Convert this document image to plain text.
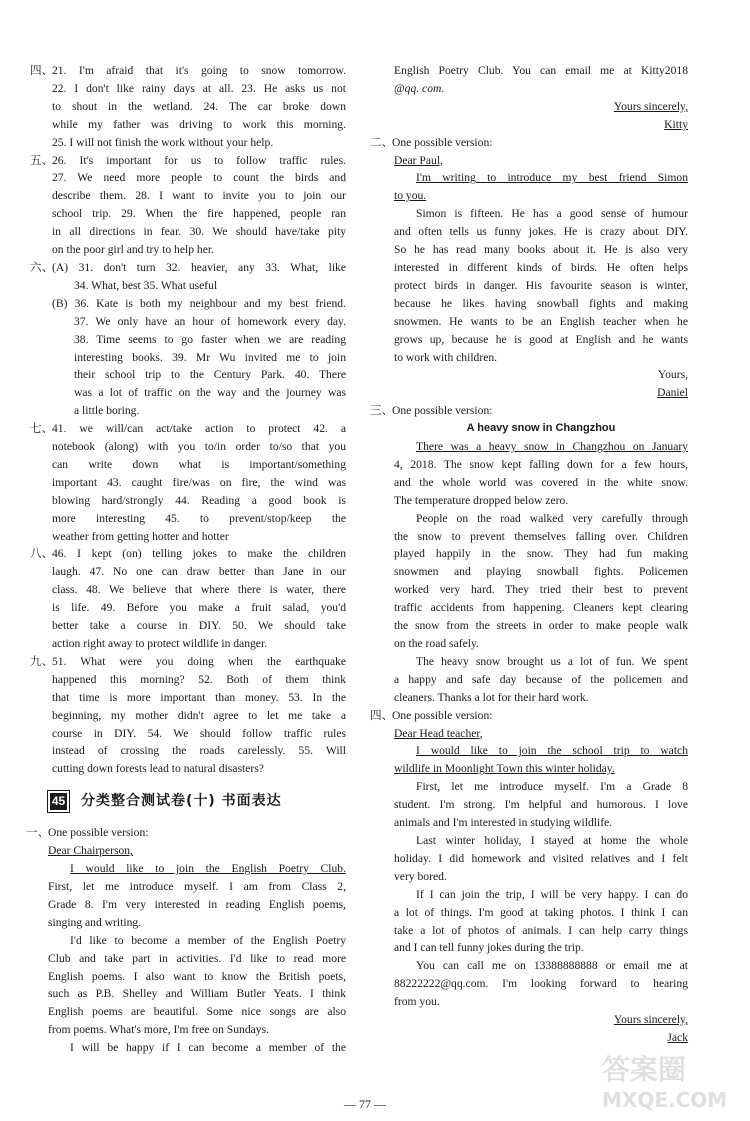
四、

21. I'm afraid that it's going to snow tomorrow.

22. I don't like rainy days at all. 23. He asks us not

to shout in the wetland. 24. The car broke down

while my father was driving to work this morning.

25. I will not finish the work without your help.

五、

26. It's important for us to follow traffic rules.

27. We need more people to count the birds and

describe them. 28. I want to invite you to join our

school trip. 29. When the fire happened, people ran

in all directions in fear. 30. We should have/take pity

on the poor girl and try to help her.

六、

(A) 31. don't turn 32. heavier, any 33. What, like

34. What, best 35. What useful

(B) 36. Kate is both my neighbour and my best friend.

37. We only have an hour of homework every day.

38. Time seems to go faster when we are reading

interesting books. 39. Mr Wu invited me to join

their school trip to the Century Park. 40. There

was a lot of traffic on the way and the journey was

a little boring.

七、

41. we will/can act/take action to protect 42. a

notebook (along) with you to/in order to/so that you

can write down what is important/something

important 43. caught fire/was on fire, the wind was

blowing hard/strongly 44. Reading a good book is

more interesting 45. to prevent/stop/keep the

weather from getting hotter and hotter

八、

46. I kept (on) telling jokes to make the children

laugh. 47. No one can draw better than Jane in our

class. 48. We believe that where there is water, there

is life. 49. Before you make a fruit salad, you'd

better take a course in DIY. 50. We should take

action right away to protect wildlife in danger.

九、

51. What were you doing when the earthquake

happened this morning? 52. Both of them think

that time is more important than money. 53. In the

beginning, my mother didn't agree to let me take a

course in DIY. 54. We should follow traffic rules

instead of crossing the roads carelessly. 55. Will

cutting down forests lead to natural disasters?

45 分类整合测试卷(十) 书面表达
一、

One possible version:

Dear Chairperson,

I would like to join the English Poetry Club.

First, let me introduce myself. I am from Class 2,

Grade 8. I'm very interested in reading English poems,

singing and writing.

I'd like to become a member of the English Poetry

Club and take part in activities. I'd like to read more

English poems. I also want to know the British poets,

such as P.B. Shelley and William Butler Yeats. I think

English poems are beautiful. Some nice songs are also

from poems. What's more, I'm free on Sundays.

I will be happy if I can become a member of the

English Poetry Club. You can email me at Kitty2018

@qq. com.

Yours sincerely,

Kitty

二、

One possible version:

Dear Paul,

I'm writing to introduce my best friend Simon

to you.

Simon is fifteen. He has a good sense of humour

and often tells us funny jokes. He is crazy about DIY.

So he has read many books about it. He is also very

interested in different kinds of birds. He often helps

protect birds in danger. His favourite season is winter,

because he likes having snowball fights and making

snowmen. He wants to be an English teacher when he

grows up, because he is good at English and he wants

to work with children.

Yours,

Daniel

三、

One possible version:

A heavy snow in Changzhou

There was a heavy snow in Changzhou on January

4, 2018. The snow kept falling down for a few hours,

and the whole world was covered in the white snow.

The temperature dropped below zero.

People on the road walked very carefully through

the snow to prevent themselves falling over. Children

played happily in the snow. They had fun making

snowmen and playing snowball fights. Policemen

worked very hard. They tried their best to prevent

traffic accidents from happening. Cleaners kept clearing

the snow from the streets in order to make people walk

on the road safely.

The heavy snow brought us a lot of fun. We spent

a happy and safe day because of the policemen and

cleaners. Thanks a lot for their hard work.

四、

One possible version:

Dear Head teacher,

I would like to join the school trip to watch

wildlife in Moonlight Town this winter holiday.

First, let me introduce myself. I'm a Grade 8

student. I'm strong. I'm helpful and humorous. I love

animals and I'm interested in studying wildlife.

Last winter holiday, I stayed at home the whole

holiday. I did homework and visited relatives and I felt

very bored.

If I can join the trip, I will be very happy. I can do

a lot of things. I'm good at taking photos. I think I can

take a lot of photos of animals. I can help carry things

and I can tell funny jokes during the trip.

You can call me on 13388888888 or email me at

88222222@qq.com. I'm looking forward to hearing

from you.

Yours sincerely,

Jack

— 77 —
答案圈
MXQE.COM
